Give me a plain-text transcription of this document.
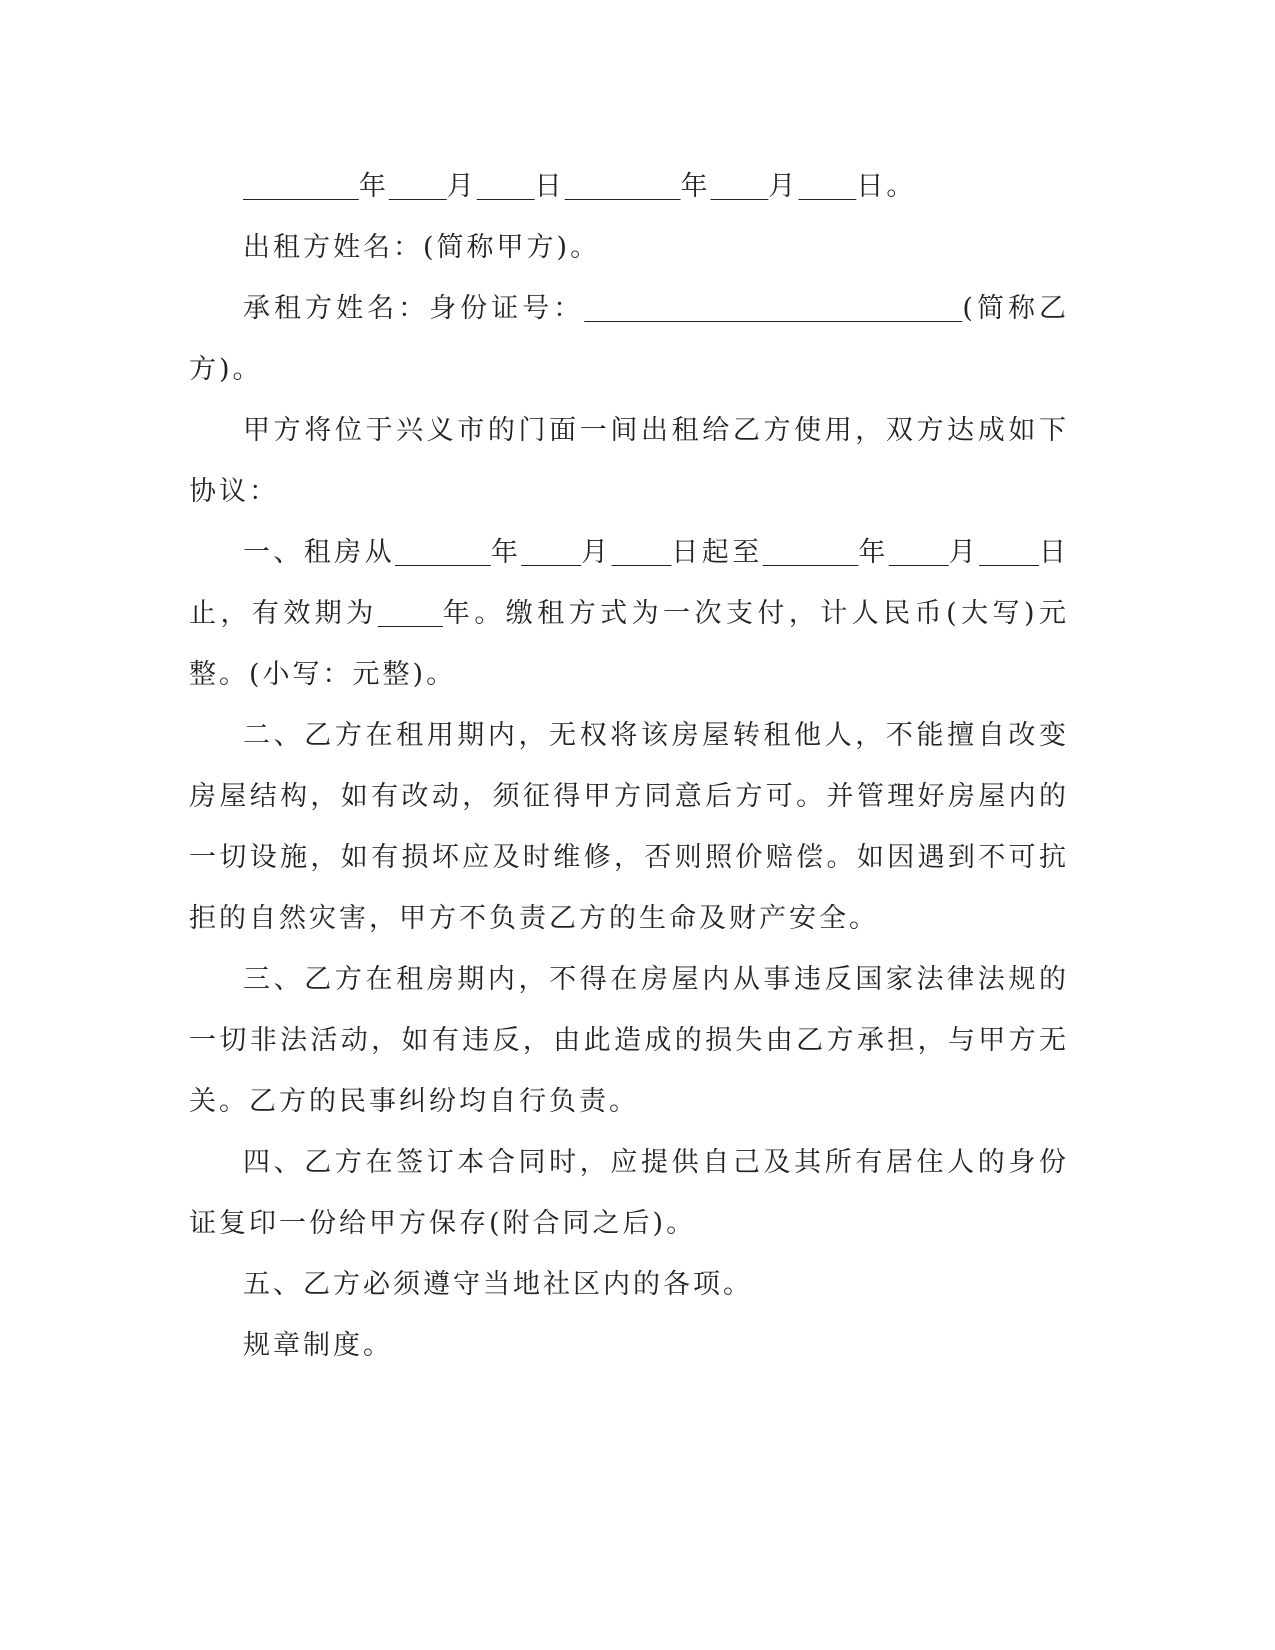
年 月 日	年 月 日。

出租方姓名：(简称甲方)。

承租方姓名：身份证号：	(简称乙方)。

甲方将位于兴义市的门面一间出租给乙方使用，双方达成如下协议：

一、租房从	年 月 日起至	年 月 日止，有效期为 年。缴租方式为一次支付，计人民币(大写)元整。(小写：元整)。

二、乙方在租用期内，无权将该房屋转租他人，不能擅自改变房屋结构，如有改动，须征得甲方同意后方可。并管理好房屋内的一切设施，如有损坏应及时维修，否则照价赔偿。如因遇到不可抗拒的自然灾害，甲方不负责乙方的生命及财产安全。

三、乙方在租房期内，不得在房屋内从事违反国家法律法规的一切非法活动，如有违反，由此造成的损失由乙方承担，与甲方无关。乙方的民事纠纷均自行负责。

四、乙方在签订本合同时，应提供自己及其所有居住人的身份证复印一份给甲方保存(附合同之后)。

五、乙方必须遵守当地社区内的各项。

规章制度。
